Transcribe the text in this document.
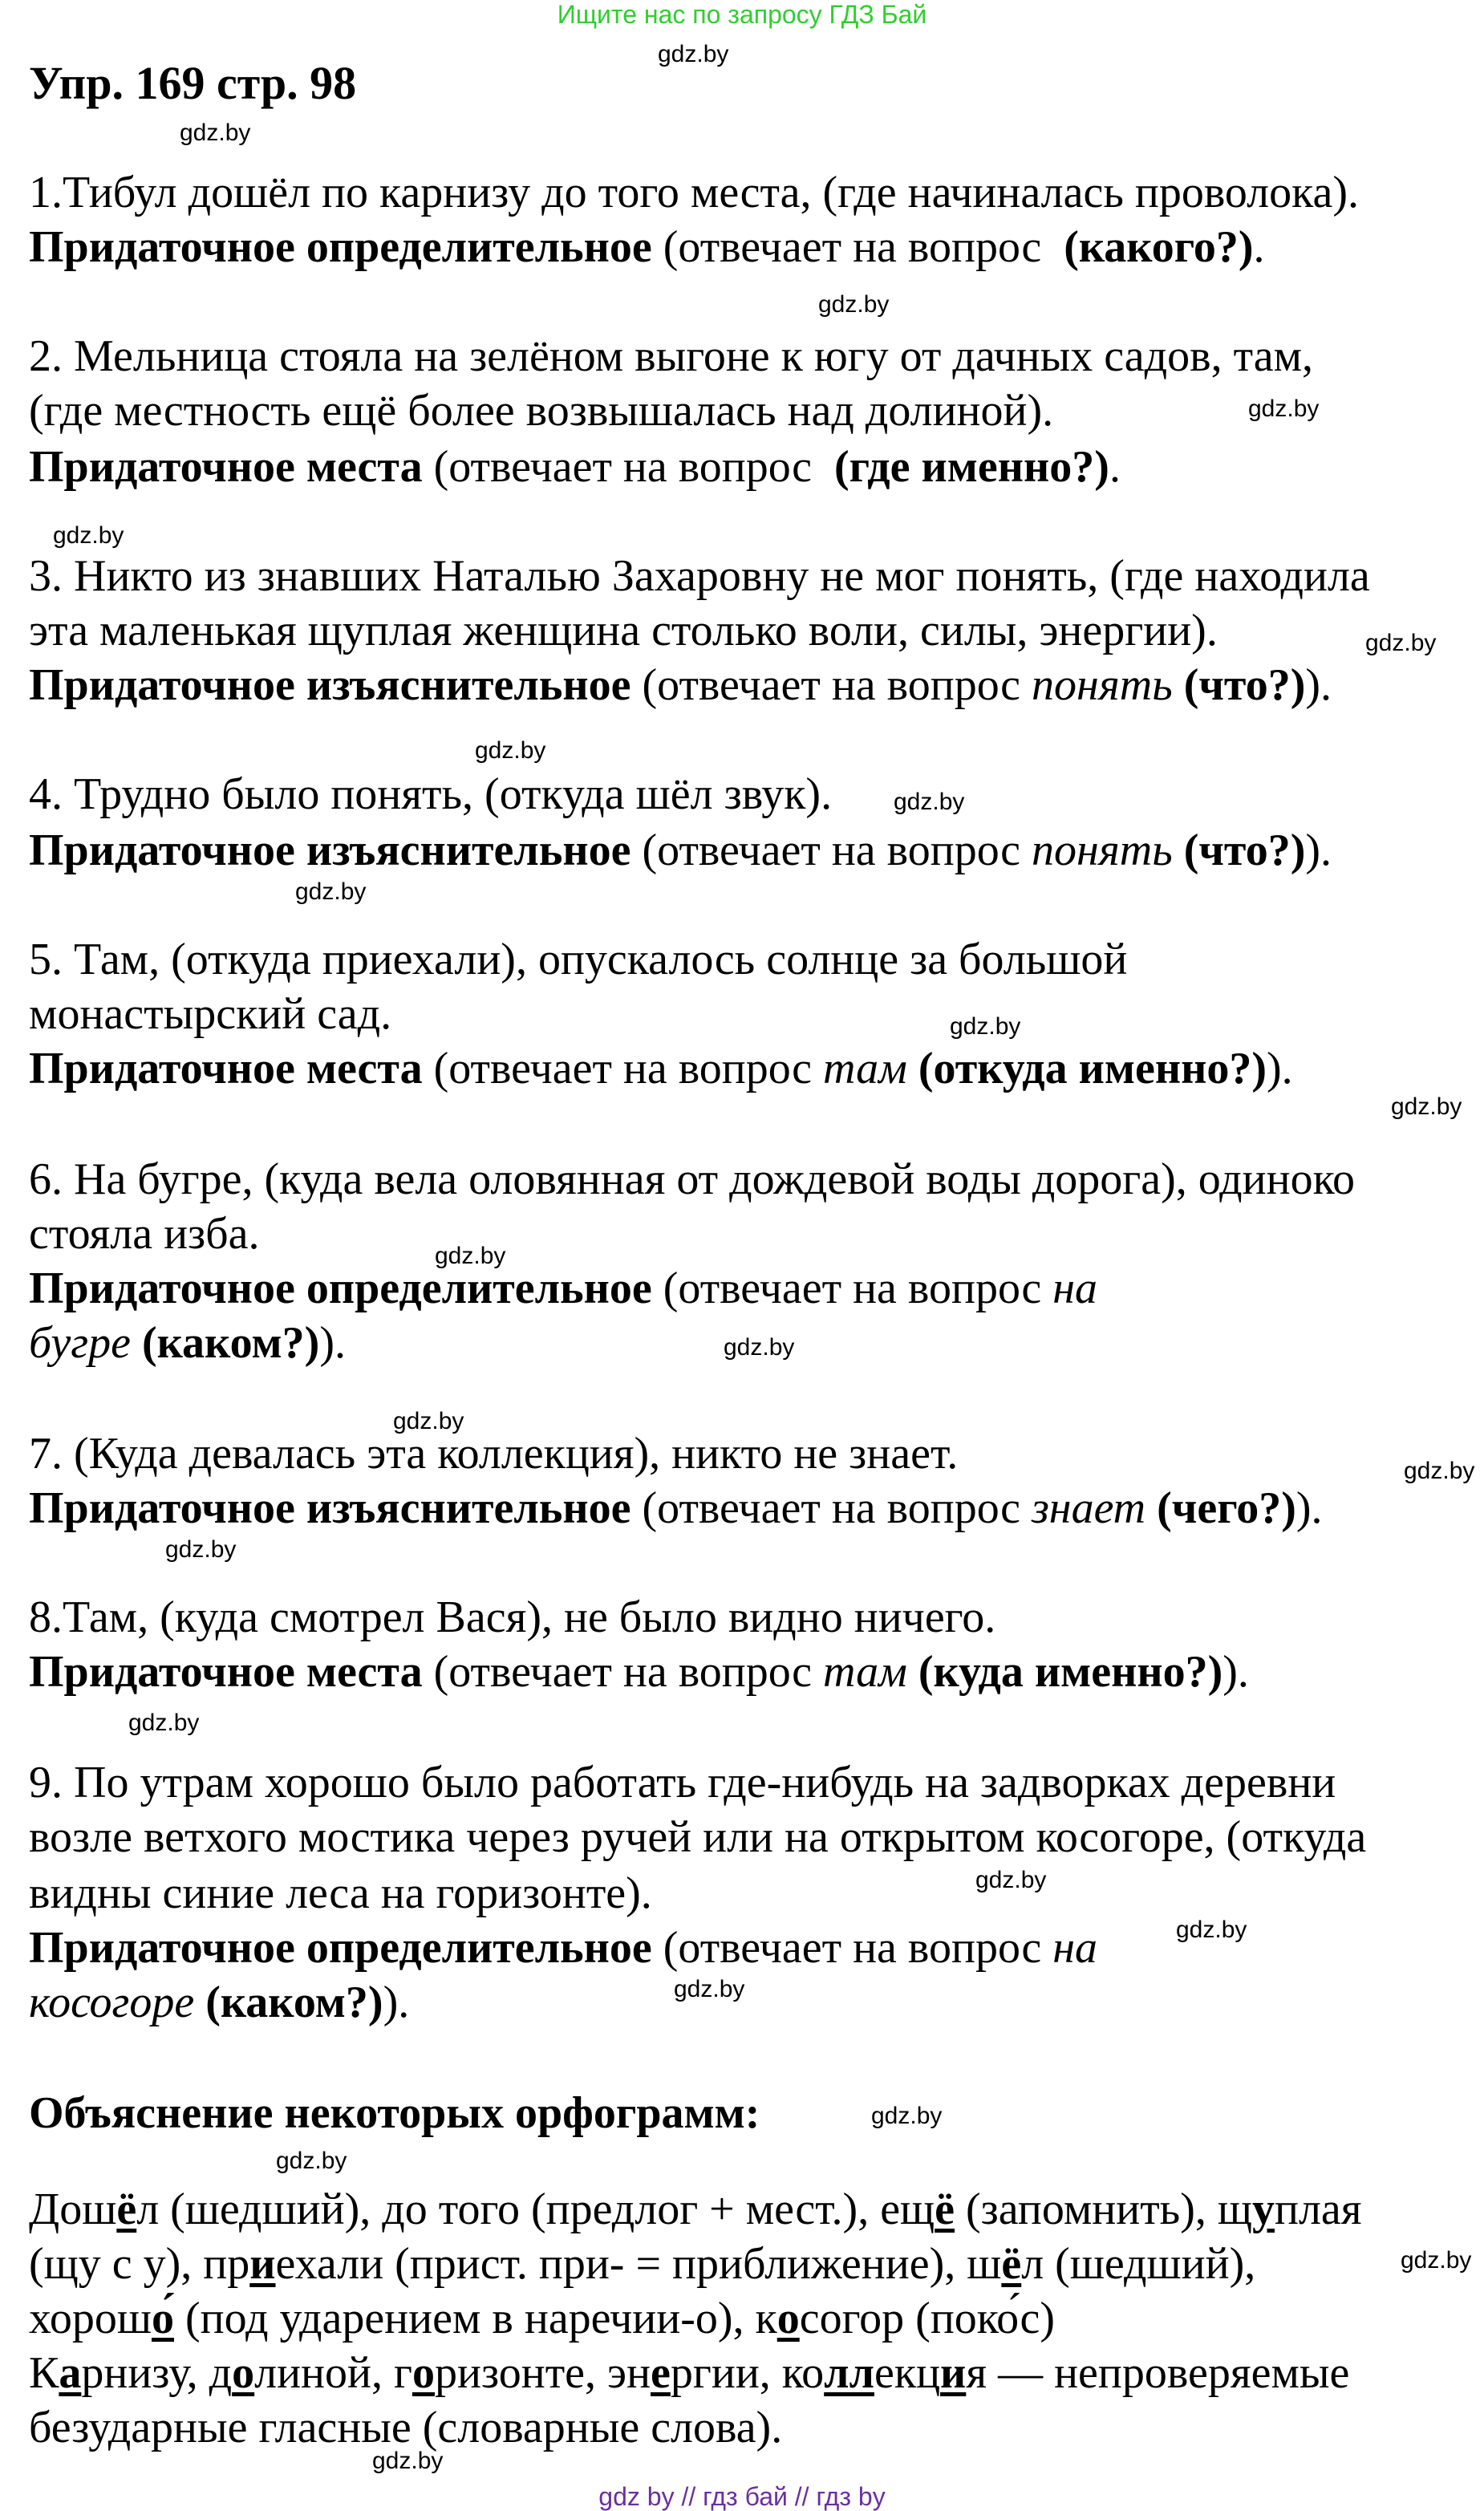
Ищите нас по запросу ГДЗ Бай
Упр. 169 стр. 98
1.Тибул дошёл по карнизу до того места, (где начиналась проволока).
Придаточное определительное (отвечает на вопрос  (какого?).
2. Мельница стояла на зелёном выгоне к югу от дачных садов, там,
(где местность ещё более возвышалась над долиной).
Придаточное места (отвечает на вопрос  (где именно?).
3. Никто из знавших Наталью Захаровну не мог понять, (где находила
эта маленькая щуплая женщина столько воли, силы, энергии).
Придаточное изъяснительное (отвечает на вопрос понять (что?)).
4. Трудно было понять, (откуда шёл звук).
Придаточное изъяснительное (отвечает на вопрос понять (что?)).
5. Там, (откуда приехали), опускалось солнце за большой
монастырский сад.
Придаточное места (отвечает на вопрос там (откуда именно?)).
6. На бугре, (куда вела оловянная от дождевой воды дорога), одиноко
стояла изба.
Придаточное определительное (отвечает на вопрос на
бугре (каком?)).
7. (Куда девалась эта коллекция), никто не знает.
Придаточное изъяснительное (отвечает на вопрос знает (чего?)).
8.Там, (куда смотрел Вася), не было видно ничего.
Придаточное места (отвечает на вопрос там (куда именно?)).
9. По утрам хорошо было работать где-нибудь на задворках деревни
возле ветхого мостика через ручей или на открытом косогоре, (откуда
видны синие леса на горизонте).
Придаточное определительное (отвечает на вопрос на
косогоре (каком?)).
Объяснение некоторых орфограмм:
Дошёл (шедший), до того (предлог + мест.), ещё (запомнить), щуплая
(щу с у), приехали (прист. при- = приближение), шёл (шедший),
хорошо́ (под ударением в наречии-о), косогор (поко́с)
Карнизу, долиной, горизонте, энергии, коллекция — непроверяемые
безударные гласные (словарные слова).
gdz.by
gdz.by
gdz.by
gdz.by
gdz.by
gdz.by
gdz.by
gdz.by
gdz.by
gdz.by
gdz.by
gdz.by
gdz.by
gdz.by
gdz.by
gdz.by
gdz.by
gdz.by
gdz.by
gdz.by
gdz.by
gdz.by
gdz.by
gdz.by
gdz by // гдз бай // гдз by
